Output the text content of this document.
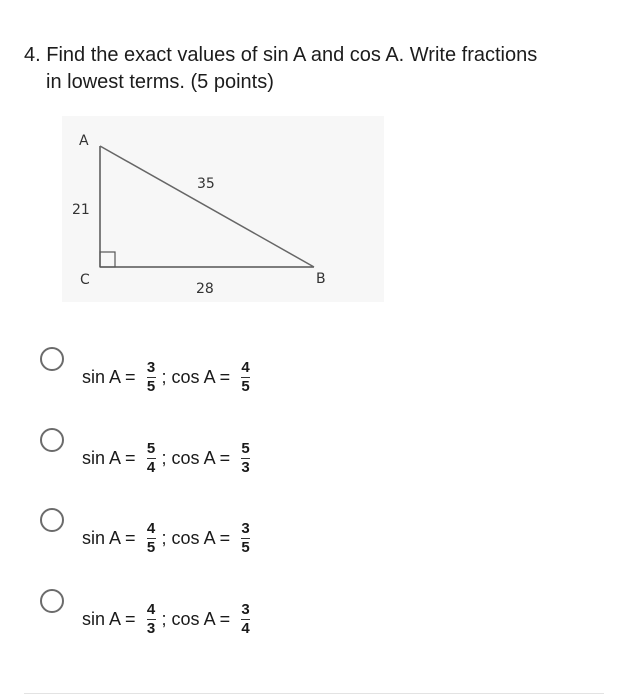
4. Find the exact values of sin A and cos A. Write fractions
in lowest terms. (5 points)
A
B
C
21
35
28
$\sin A = \frac{3}{5}$ ; $\cos A = \frac{4}{5}$
$\sin A = \frac{5}{4}$ ; $\cos A = \frac{5}{3}$
$\sin A = \frac{4}{5}$ ; $\cos A = \frac{3}{5}$
$\sin A = \frac{4}{3}$ ; $\cos A = \frac{3}{4}$
